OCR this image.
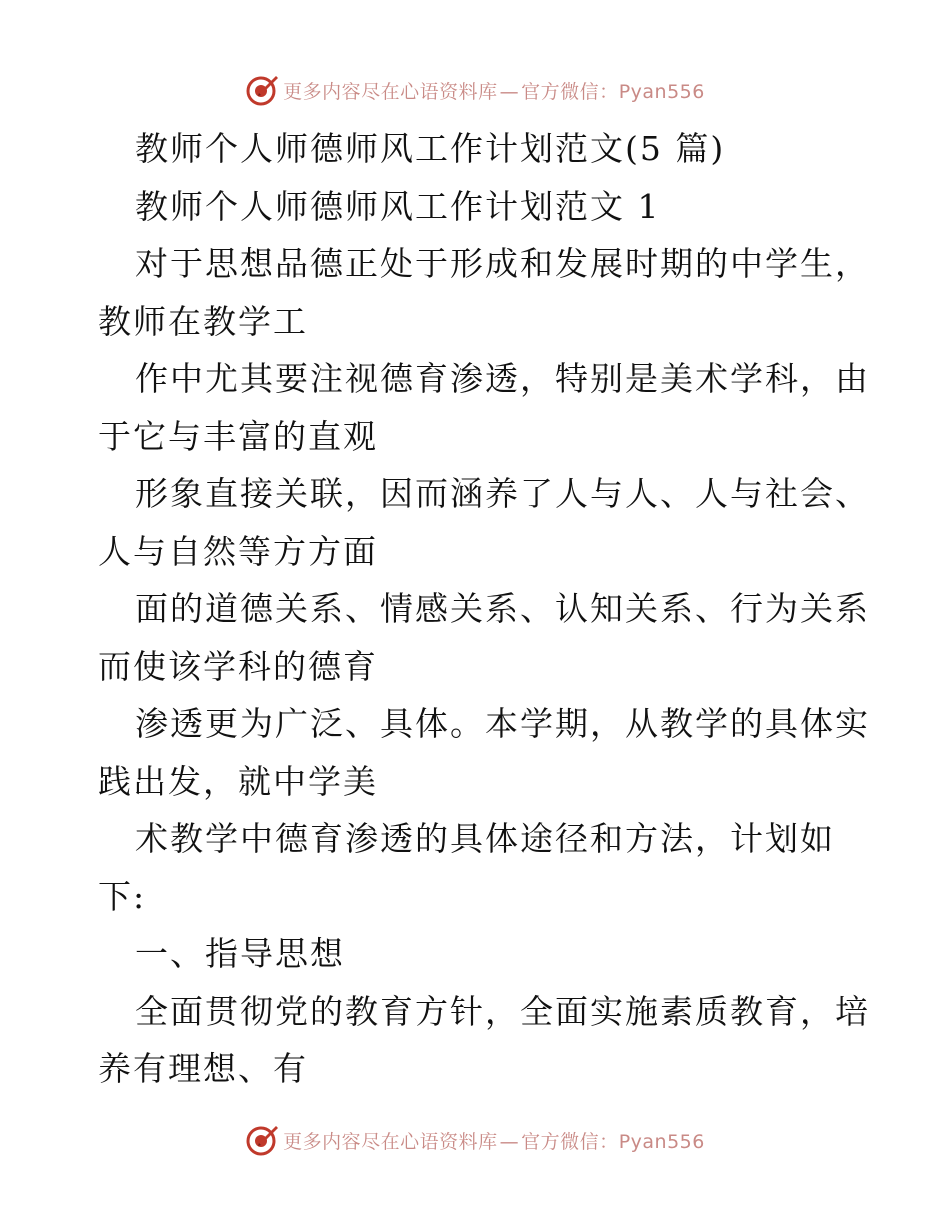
更多内容尽在心语资料库 — 官方微信：Pyan556
教师个人师德师风工作计划范文(5 篇)
教师个人师德师风工作计划范文 1
对于思想品德正处于形成和发展时期的中学生，
教师在教学工
作中尤其要注视德育渗透，特别是美术学科，由
于它与丰富的直观
形象直接关联，因而涵养了人与人、人与社会、
人与自然等方方面
面的道德关系、情感关系、认知关系、行为关系
而使该学科的德育
渗透更为广泛、具体。本学期，从教学的具体实
践出发，就中学美
术教学中德育渗透的具体途径和方法，计划如
下:
一、指导思想
全面贯彻党的教育方针，全面实施素质教育，培
养有理想、有
更多内容尽在心语资料库 — 官方微信：Pyan556
